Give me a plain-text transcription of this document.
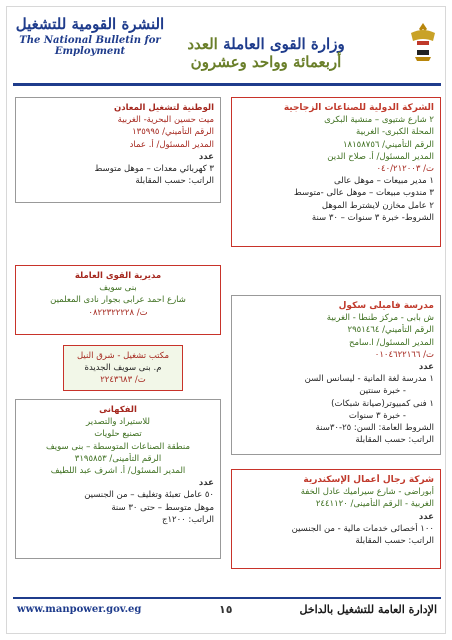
النشرة القومية للتشغيل
The National Bulletin for Employment	وزارة القوى العاملة العدد أربعمائة وواحد وعشرون
الوطنية لتشغيل المعادن
ميت حسين البحرية- الغربية
الرقم التأميني/ ١٣٥٩٩٥
المدير المسئول/ أ. عماد
عدد
٣ كهربائي معدات – موهل متوسط
الراتب: حسب المقابلة
مديرية القوى العاملة
بنى سويف
شارع احمد عرابى بجوار نادى المعلمين
ت/ ٠٨٢٢٣٢٢٢٢٨
مكتب تشغيل - شرق النيل
م. بنى سويف الجديدة
ت/ ٢٢٤٣٦٨٣
الفكهانى
للاستيراد والتصدير
تصنيع حلويات
منطقة الصناعات المتوسطة – بنى سويف
الرقم التأمينى/ ٣١٩٥٨٥٣
المدير المسئول/ أ. اشرف عبد اللطيف
عدد
٥٠ عامل تعبئة وتغليف – من الجنسين
موهل متوسط – حتى ٣٠ سنة
الراتب: ١٢٠٠ج
الشركة الدولية للصناعات الزجاجية
٢ شارع شتيوى – منشية البكرى
المحلة الكبرى- الغربية
الرقم التأميني/ ١٨١٥٨٧٥٦
المدير المسئول/ أ. صلاح الدين
ت/ ٠٤٠/٢١٢٠٠٣
١ مدير مبيعات – موهل عالى
٣ مندوب مبيعات – موهل عالى -متوسط
٢ عامل مخازن لايشترط الموهل
الشروط- خبرة ٣ سنوات – ٣٠ سنة
مدرسة فاميلى سكول
ش بابى - مركز طنطا - الغربية
الرقم التأميني/ ٢٩٥١٤٦٤
المدير المسئول/ ا.سامح
ت/ ٠١٠٤٦٢٢١٦٦
عدد
١ مدرسة لغة المانية - ليسانس السن
- خبرة سنتين
١ فنى كمبيوتر(صيانة شبكات)
- خبرة ٣ سنوات
الشروط العامة: السن: ٢٥-٣٠سنة
الراتب: حسب المقابلة
شركة رجال أعمال الإسكندرية
أبوراضى - شارع سيراميك عادل الخفة
الغربية - الرقم التأمينى/ ٢٤٤١١٢٠
عدد
١٠٠ أخصائى خدمات مالية - من الجنسين
الراتب: حسب المقابلة
www.manpower.gov.eg	١٥	الإدارة العامة للتشغيل بالداخل
